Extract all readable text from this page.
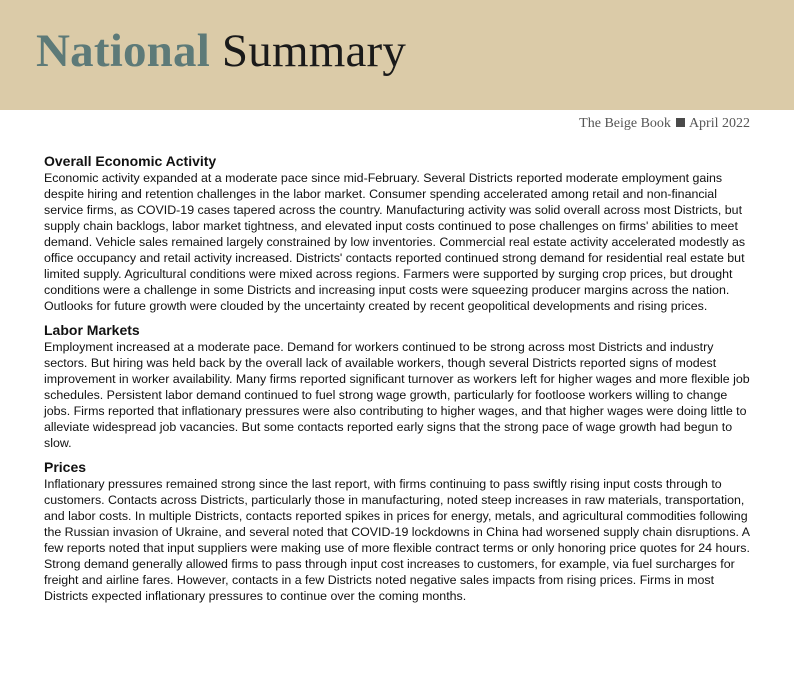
National Summary
The Beige Book April 2022
Overall Economic Activity

Economic activity expanded at a moderate pace since mid-February. Several Districts reported moderate employment gains despite hiring and retention challenges in the labor market. Consumer spending accelerated among retail and non-financial service firms, as COVID-19 cases tapered across the country. Manufacturing activity was solid overall across most Districts, but supply chain backlogs, labor market tightness, and elevated input costs continued to pose challenges on firms' abilities to meet demand. Vehicle sales remained largely constrained by low inventories. Commercial real estate activity accelerated modestly as office occupancy and retail activity increased. Districts' contacts reported continued strong demand for residential real estate but limited supply. Agricultural conditions were mixed across regions. Farmers were supported by surging crop prices, but drought conditions were a challenge in some Districts and increasing input costs were squeezing producer margins across the nation. Outlooks for future growth were clouded by the uncertainty created by recent geopolitical developments and rising prices.

Labor Markets

Employment increased at a moderate pace. Demand for workers continued to be strong across most Districts and industry sectors. But hiring was held back by the overall lack of available workers, though several Districts reported signs of modest improvement in worker availability. Many firms reported significant turnover as workers left for higher wages and more flexible job schedules. Persistent labor demand continued to fuel strong wage growth, particularly for footloose workers willing to change jobs. Firms reported that inflationary pressures were also contributing to higher wages, and that higher wages were doing little to alleviate widespread job vacancies. But some contacts reported early signs that the strong pace of wage growth had begun to slow.

Prices

Inflationary pressures remained strong since the last report, with firms continuing to pass swiftly rising input costs through to customers. Contacts across Districts, particularly those in manufacturing, noted steep increases in raw materials, transportation, and labor costs. In multiple Districts, contacts reported spikes in prices for energy, metals, and agricultural commodities following the Russian invasion of Ukraine, and several noted that COVID-19 lockdowns in China had worsened supply chain disruptions. A few reports noted that input suppliers were making use of more flexible contract terms or only honoring price quotes for 24 hours. Strong demand generally allowed firms to pass through input cost increases to customers, for example, via fuel surcharges for freight and airline fares. However, contacts in a few Districts noted negative sales impacts from rising prices. Firms in most Districts expected inflationary pressures to continue over the coming months.
